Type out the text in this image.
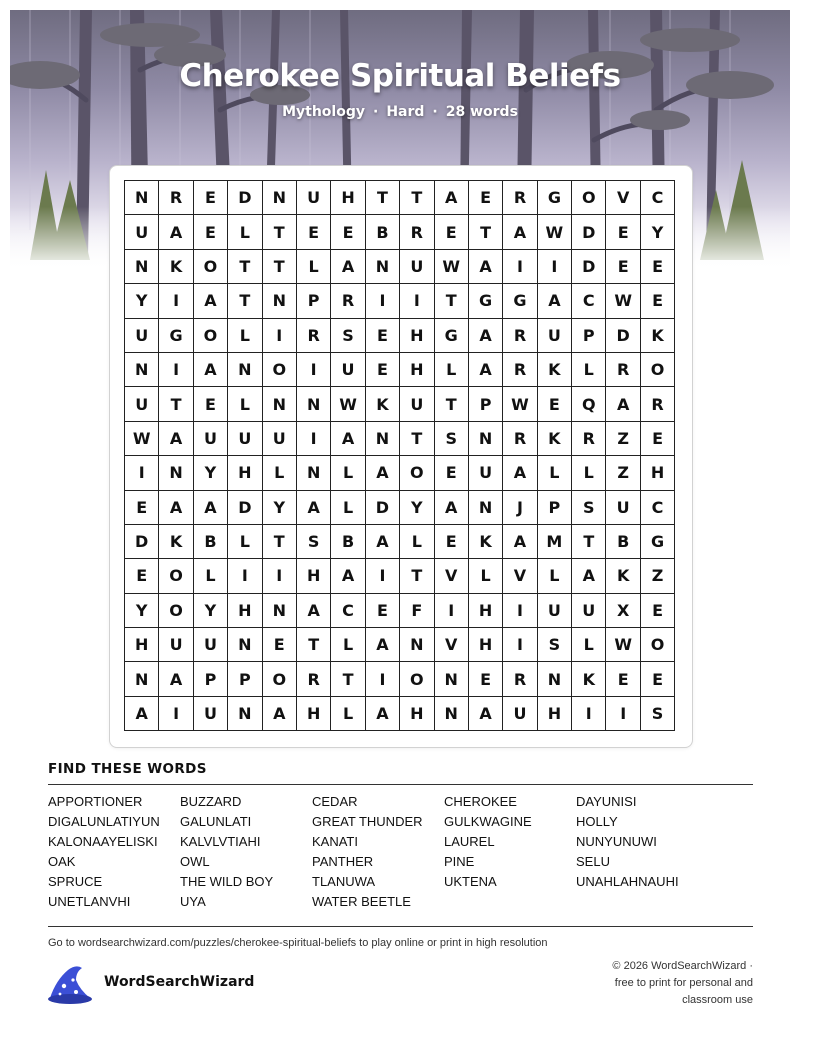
Cherokee Spiritual Beliefs
Mythology · Hard · 28 words
N	R	E	D	N	U	H	T	T	A	E	R	G	O	V	C
U	A	E	L	T	E	E	B	R	E	T	A	W	D	E	Y
N	K	O	T	T	L	A	N	U	W	A	I	I	D	E	E
Y	I	A	T	N	P	R	I	I	T	G	G	A	C	W	E
U	G	O	L	I	R	S	E	H	G	A	R	U	P	D	K
N	I	A	N	O	I	U	E	H	L	A	R	K	L	R	O
U	T	E	L	N	N	W	K	U	T	P	W	E	Q	A	R
W	A	U	U	U	I	A	N	T	S	N	R	K	R	Z	E
I	N	Y	H	L	N	L	A	O	E	U	A	L	L	Z	H
E	A	A	D	Y	A	L	D	Y	A	N	J	P	S	U	C
D	K	B	L	T	S	B	A	L	E	K	A	M	T	B	G
E	O	L	I	I	H	A	I	T	V	L	V	L	A	K	Z
Y	O	Y	H	N	A	C	E	F	I	H	I	U	U	X	E
H	U	U	N	E	T	L	A	N	V	H	I	S	L	W	O
N	A	P	P	O	R	T	I	O	N	E	R	N	K	E	E
A	I	U	N	A	H	L	A	H	N	A	U	H	I	I	S
FIND THESE WORDS
APPORTIONER	BUZZARD	CEDAR	CHEROKEE	DAYUNISI
DIGALUNLATIYUN	GALUNLATI	GREAT THUNDER	GULKWAGINE	HOLLY
KALONAAYELISKI	KALVLVTIAHI	KANATI	LAUREL	NUNYUNUWI
OAK	OWL	PANTHER	PINE	SELU
SPRUCE	THE WILD BOY	TLANUWA	UKTENA	UNAHLAHNAUHI
UNETLANVHI	UYA	WATER BEETLE
Go to wordsearchwizard.com/puzzles/cherokee-spiritual-beliefs to play online or print in high resolution
WordSearchWizard
© 2026 WordSearchWizard ·
free to print for personal and
classroom use
